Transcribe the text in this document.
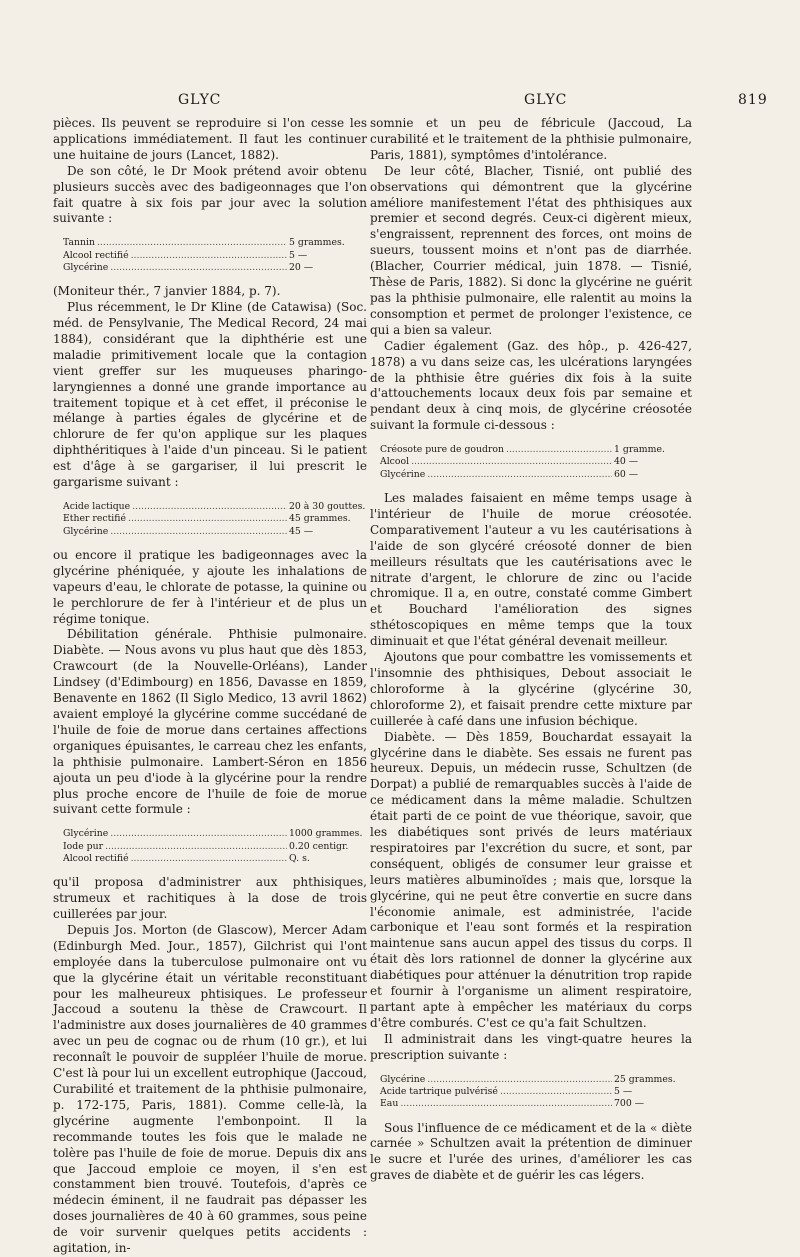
GLYC	GLYC	819

pièces. Ils peuvent se reproduire si l'on cesse les applications immédiatement. Il faut les continuer une huitaine de jours (Lancet, 1882).

De son côté, le Dr Mook prétend avoir obtenu plusieurs succès avec des badigeonnages que l'on fait quatre à six fois par jour avec la solution suivante :

Tannin .....	5 grammes.
Alcool rectifié .....	5 —
Glycérine .....	20 —

(Moniteur thér., 7 janvier 1884, p. 7).

Plus récemment, le Dr Kline (de Catawisa) (Soc. méd. de Pensylvanie, The Medical Record, 24 mai 1884), considérant que la diphthérie est une maladie primitivement locale que la contagion vient greffer sur les muqueuses pharingo-laryngiennes a donné une grande importance au traitement topique et à cet effet, il préconise le mélange à parties égales de glycérine et de chlorure de fer qu'on applique sur les plaques diphthéritiques à l'aide d'un pinceau. Si le patient est d'âge à se gargariser, il lui prescrit le gargarisme suivant :

Acide lactique .....	20 à 30 gouttes.
Ether rectifié .....	45 grammes.
Glycérine .....	45 —

ou encore il pratique les badigeonnages avec la glycérine phéniquée, y ajoute les inhalations de vapeurs d'eau, le chlorate de potasse, la quinine ou le perchlorure de fer à l'intérieur et de plus un régime tonique.

Débilitation générale. Phthisie pulmonaire. Diabète. — Nous avons vu plus haut que dès 1853, Crawcourt (de la Nouvelle-Orléans), Lander Lindsey (d'Edimbourg) en 1856, Davasse en 1859, Benavente en 1862 (Il Siglo Medico, 13 avril 1862) avaient employé la glycérine comme succédané de l'huile de foie de morue dans certaines affections organiques épuisantes, le carreau chez les enfants, la phthisie pulmonaire. Lambert-Séron en 1856 ajouta un peu d'iode à la glycérine pour la rendre plus proche encore de l'huile de foie de morue suivant cette formule :

Glycérine .....	1000 grammes.
Iode pur .....	0.20 centigr.
Alcool rectifié .....	Q. s.

qu'il proposa d'administrer aux phthisiques, strumeux et rachitiques à la dose de trois cuillerées par jour.

Depuis Jos. Morton (de Glascow), Mercer Adam (Edinburgh Med. Jour., 1857), Gilchrist qui l'ont employée dans la tuberculose pulmonaire ont vu que la glycérine était un véritable reconstituant pour les malheureux phtisiques. Le professeur Jaccoud a soutenu la thèse de Crawcourt. Il l'administre aux doses journalières de 40 grammes avec un peu de cognac ou de rhum (10 gr.), et lui reconnaît le pouvoir de suppléer l'huile de morue. C'est là pour lui un excellent eutrophique (Jaccoud, Curabilité et traitement de la phthisie pulmonaire, p. 172-175, Paris, 1881). Comme celle-là, la glycérine augmente l'embonpoint. Il la recommande toutes les fois que le malade ne tolère pas l'huile de foie de morue. Depuis dix ans que Jaccoud emploie ce moyen, il s'en est constamment bien trouvé. Toutefois, d'après ce médecin éminent, il ne faudrait pas dépasser les doses journalières de 40 à 60 grammes, sous peine de voir survenir quelques petits accidents : agitation, in-

somnie et un peu de fébricule (Jaccoud, La curabilité et le traitement de la phthisie pulmonaire, Paris, 1881), symptômes d'intolérance.

De leur côté, Blacher, Tisnié, ont publié des observations qui démontrent que la glycérine améliore manifestement l'état des phthisiques aux premier et second degrés. Ceux-ci digèrent mieux, s'engraissent, reprennent des forces, ont moins de sueurs, toussent moins et n'ont pas de diarrhée. (Blacher, Courrier médical, juin 1878. — Tisnié, Thèse de Paris, 1882). Si donc la glycérine ne guérit pas la phthisie pulmonaire, elle ralentit au moins la consomption et permet de prolonger l'existence, ce qui a bien sa valeur.

Cadier également (Gaz. des hôp., p. 426-427, 1878) a vu dans seize cas, les ulcérations laryngées de la phthisie être guéries dix fois à la suite d'attouchements locaux deux fois par semaine et pendant deux à cinq mois, de glycérine créosotée suivant la formule ci-dessous :

Créosote pure de goudron .....	1 gramme.
Alcool .....	40 —
Glycérine .....	60 —

Les malades faisaient en même temps usage à l'intérieur de l'huile de morue créosotée. Comparativement l'auteur a vu les cautérisations à l'aide de son glycéré créosoté donner de bien meilleurs résultats que les cautérisations avec le nitrate d'argent, le chlorure de zinc ou l'acide chromique. Il a, en outre, constaté comme Gimbert et Bouchard l'amélioration des signes sthétoscopiques en même temps que la toux diminuait et que l'état général devenait meilleur.

Ajoutons que pour combattre les vomissements et l'insomnie des phthisiques, Debout associait le chloroforme à la glycérine (glycérine 30, chloroforme 2), et faisait prendre cette mixture par cuillerée à café dans une infusion béchique.

Diabète. — Dès 1859, Bouchardat essayait la glycérine dans le diabète. Ses essais ne furent pas heureux. Depuis, un médecin russe, Schultzen (de Dorpat) a publié de remarquables succès à l'aide de ce médicament dans la même maladie. Schultzen était parti de ce point de vue théorique, savoir, que les diabétiques sont privés de leurs matériaux respiratoires par l'excrétion du sucre, et sont, par conséquent, obligés de consumer leur graisse et leurs matières albuminoïdes ; mais que, lorsque la glycérine, qui ne peut être convertie en sucre dans l'économie animale, est administrée, l'acide carbonique et l'eau sont formés et la respiration maintenue sans aucun appel des tissus du corps. Il était dès lors rationnel de donner la glycérine aux diabétiques pour atténuer la dénutrition trop rapide et fournir à l'organisme un aliment respiratoire, partant apte à empêcher les matériaux du corps d'être comburés. C'est ce qu'a fait Schultzen.

Il administrait dans les vingt-quatre heures la prescription suivante :

Glycérine .....	25 grammes.
Acide tartrique pulvérisé .....	5 —
Eau .....	700 —

Sous l'influence de ce médicament et de la « diète carnée » Schultzen avait la prétention de diminuer le sucre et l'urée des urines, d'améliorer les cas graves de diabète et de guérir les cas légers.
